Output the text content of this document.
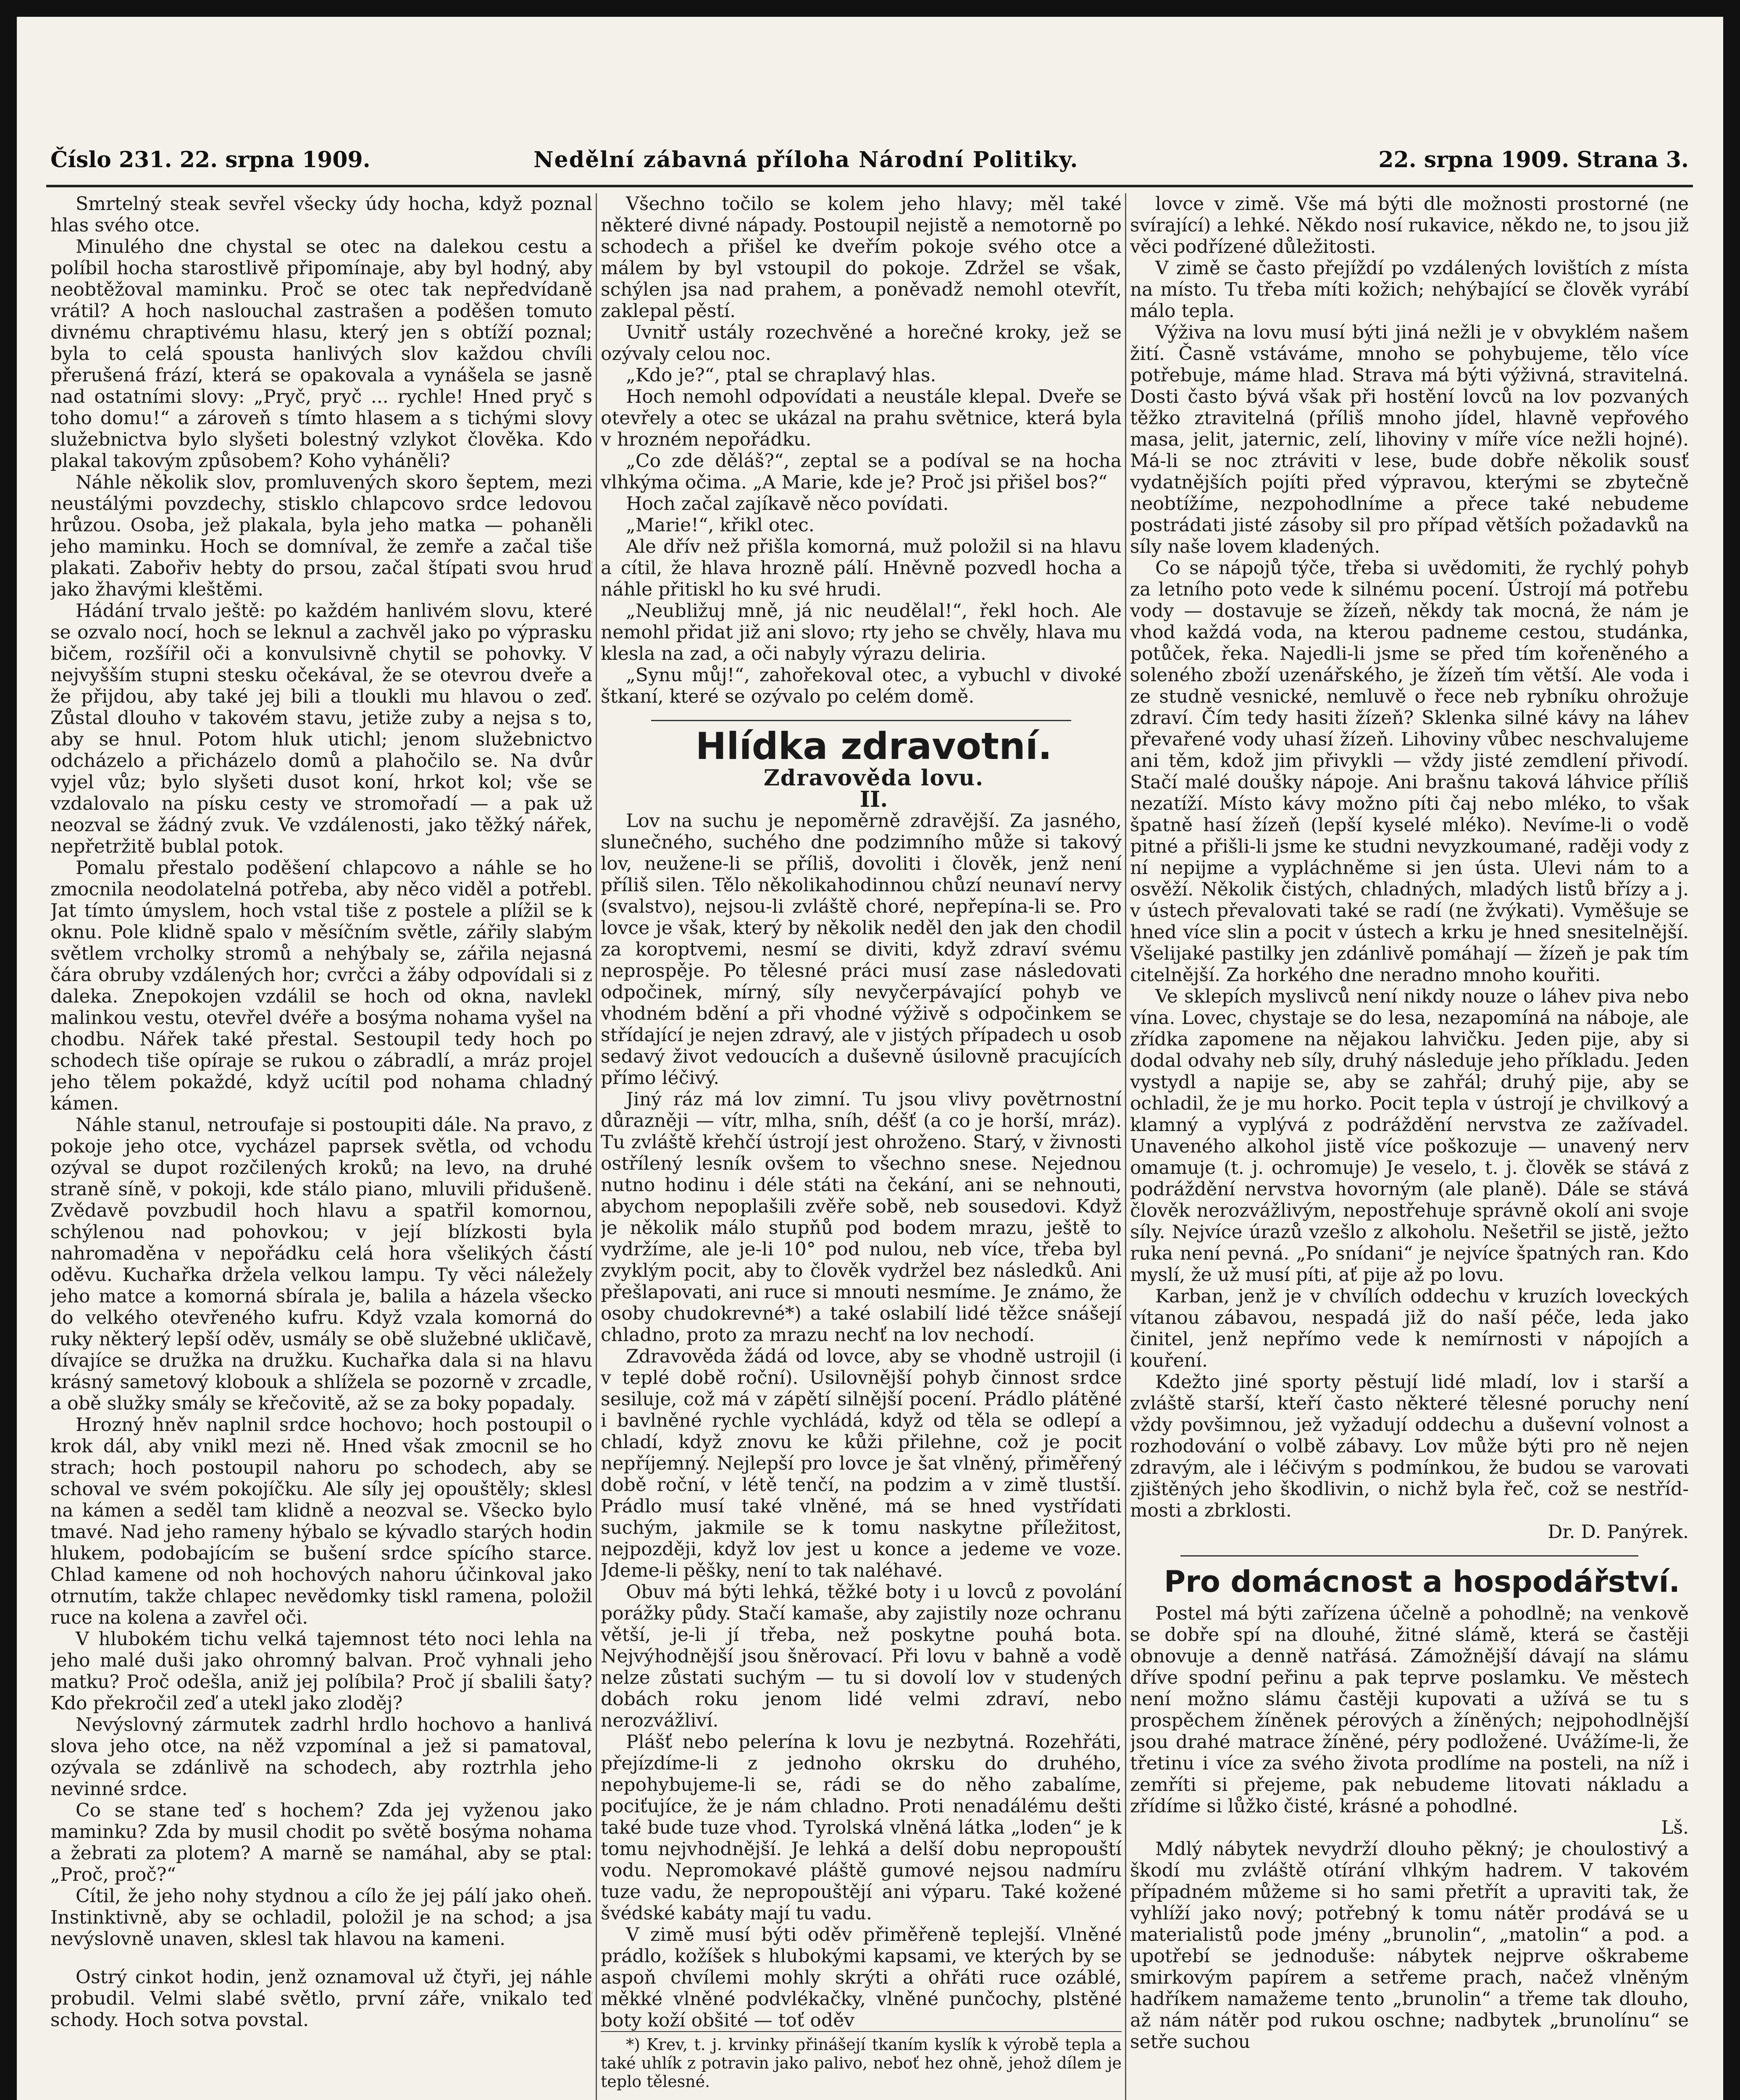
Číslo 231. 22. srpna 1909.	Nedělní zábavná příloha Národní Politiky.	22. srpna 1909. Strana 3.

Smrtelný steak sevřel všecky údy hocha, když poznal hlas svého otce.

Minulého dne chystal se otec na dalekou cestu a políbil hocha starostlivě připomínaje, aby byl hodný, aby neobtěžoval maminku. Proč se otec tak nepředvídaně vrátil? A hoch naslouchal zastrašen a poděšen tomuto divnému chraptivému hlasu, který jen s obtíží poznal; byla to celá spousta hanlivých slov každou chvíli přerušená frází, která se opakovala a vynášela se jasně nad ostatními slovy: „Pryč, pryč ... rychle! Hned pryč s toho domu!“ a zároveň s tímto hlasem a s tichými slovy služebnictva bylo slyšeti bolestný vzlykot člověka. Kdo plakal takovým způsobem? Koho vyháněli?

Náhle několik slov, promluvených skoro šeptem, mezi neustálými povzdechy, stisklo chlapcovo srdce ledovou hrůzou. Osoba, jež plakala, byla jeho matka — pohaněli jeho maminku. Hoch se domníval, že zemře a začal tiše plakati. Zabořiv hebty do prsou, začal štípati svou hruď jako žhavými kleštěmi.

Hádání trvalo ještě: po každém hanlivém slovu, které se ozvalo nocí, hoch se leknul a zachvěl jako po výprasku bičem, rozšířil oči a konvulsivně chytil se pohovky. V nejvyšším stupni stesku očekával, že se otevrou dveře a že přijdou, aby také jej bili a tloukli mu hlavou o zeď. Zůstal dlouho v takovém stavu, jetiže zuby a nejsa s to, aby se hnul. Potom hluk utichl; jenom služebnictvo odcházelo a přicházelo domů a plahočilo se. Na dvůr vyjel vůz; bylo slyšeti dusot koní, hrkot kol; vše se vzdalovalo na písku cesty ve stromořadí — a pak už neozval se žádný zvuk. Ve vzdálenosti, jako těžký nářek, nepřetržitě bublal potok.

Pomalu přestalo poděšení chlapcovo a náhle se ho zmocnila neodolatelná potřeba, aby něco viděl a potřebl. Jat tímto úmyslem, hoch vstal tiše z postele a plížil se k oknu. Pole klidně spalo v měsíčním světle, zářily slabým světlem vrcholky stromů a nehýbaly se, zářila nejasná čára obruby vzdálených hor; cvrčci a žáby odpovídali si z daleka. Znepokojen vzdálil se hoch od okna, navlekl malinkou vestu, otevřel dvéře a bosýma nohama vyšel na chodbu. Nářek také přestal. Sestoupil tedy hoch po schodech tiše opíraje se rukou o zábradlí, a mráz projel jeho tělem pokaždé, když ucítil pod nohama chladný kámen.

Náhle stanul, netroufaje si postoupiti dále. Na pravo, z pokoje jeho otce, vycházel paprsek světla, od vchodu ozýval se dupot rozčilených kroků; na levo, na druhé straně síně, v pokoji, kde stálo piano, mluvili přidušeně. Zvědavě povzbudil hoch hlavu a spatřil komornou, schýlenou nad pohovkou; v její blízkosti byla nahromaděna v nepořádku celá hora všelikých částí oděvu. Kuchařka držela velkou lampu. Ty věci náležely jeho matce a komorná sbírala je, balila a házela všecko do velkého otevřeného kufru. Když vzala komorná do ruky některý lepší oděv, usmály se obě služebné ukličavě, dívajíce se družka na družku. Kuchařka dala si na hlavu krásný sametový klobouk a shlížela se pozorně v zrcadle, a obě služky smály se křečovitě, až se za boky popadaly.

Hrozný hněv naplnil srdce hochovo; hoch postoupil o krok dál, aby vnikl mezi ně. Hned však zmocnil se ho strach; hoch postoupil nahoru po schodech, aby se schoval ve svém pokojíčku. Ale síly jej opouštěly; sklesl na kámen a seděl tam klidně a neozval se. Všecko bylo tmavé. Nad jeho rameny hýbalo se kývadlo starých hodin hlukem, podobajícím se bušení srdce spícího starce. Chlad kamene od noh hochových nahoru účinkoval jako otrnutím, takže chlapec nevědomky tiskl ramena, položil ruce na kolena a zavřel oči.

V hlubokém tichu velká tajemnost této noci lehla na jeho malé duši jako ohromný balvan. Proč vyhnali jeho matku? Proč odešla, aniž jej políbila? Proč jí sbalili šaty? Kdo překročil zeď a utekl jako zloděj?

Nevýslovný zármutek zadrhl hrdlo hochovo a hanlivá slova jeho otce, na něž vzpomínal a jež si pamatoval, ozývala se zdánlivě na schodech, aby roztrhla jeho nevinné srdce.

Co se stane teď s hochem? Zda jej vyženou jako maminku? Zda by musil chodit po světě bosýma nohama a žebrati za plotem? A marně se namáhal, aby se ptal: „Proč, proč?“

Cítil, že jeho nohy stydnou a cílo že jej pálí jako oheň. Instinktivně, aby se ochladil, položil je na schod; a jsa nevýslovně unaven, sklesl tak hlavou na kameni.

Ostrý cinkot hodin, jenž oznamoval už čtyři, jej náhle probudil. Velmi slabé světlo, první záře, vnikalo teď schody. Hoch sotva povstal.

Všechno točilo se kolem jeho hlavy; měl také některé divné nápady. Postoupil nejistě a nemotorně po schodech a přišel ke dveřím pokoje svého otce a málem by byl vstoupil do pokoje. Zdržel se však, schýlen jsa nad prahem, a poněvadž nemohl otevřít, zaklepal pěstí.

Uvnitř ustály rozechvěné a horečné kroky, jež se ozývaly celou noc.

„Kdo je?“, ptal se chraplavý hlas.

Hoch nemohl odpovídati a neustále klepal. Dveře se otevřely a otec se ukázal na prahu světnice, která byla v hrozném nepořádku.

„Co zde děláš?“, zeptal se a podíval se na hocha vlhkýma očima. „A Marie, kde je? Proč jsi přišel bos?“

Hoch začal zajíkavě něco povídati.

„Marie!“, křikl otec.

Ale dřív než přišla komorná, muž položil si na hlavu a cítil, že hlava hrozně pálí. Hněvně pozvedl hocha a náhle přitiskl ho ku své hrudi.

„Neubližuj mně, já nic neudělal!“, řekl hoch. Ale nemohl přidat již ani slovo; rty jeho se chvěly, hlava mu klesla na zad, a oči nabyly výrazu deliria.

„Synu můj!“, zahořekoval otec, a vybuchl v divoké štkaní, které se ozývalo po celém domě.

Hlídka zdravotní.

Zdravověda lovu.

II.

Lov na suchu je nepoměrně zdravější. Za jasného, slunečného, suchého dne podzimního může si takový lov, neužene-li se příliš, dovoliti i člověk, jenž není příliš silen. Tělo několikahodinnou chůzí neunaví nervy (svalstvo), nejsou-li zvláště choré, nepřepína-li se. Pro lovce je však, který by několik neděl den jak den chodil za koroptvemi, nesmí se diviti, když zdraví svému neprospěje. Po tělesné práci musí zase následovati odpočinek, mírný, síly nevyčerpávající pohyb ve vhodném bdění a při vhodné výživě s odpočinkem se střídající je nejen zdravý, ale v jistých případech u osob sedavý život vedoucích a duševně úsilovně pracujících přímo léčivý.

Jiný ráz má lov zimní. Tu jsou vlivy povětrnostní důrazněji — vítr, mlha, sníh, déšť (a co je horší, mráz). Tu zvláště křehčí ústrojí jest ohroženo. Starý, v živnosti ostřílený lesník ovšem to všechno snese. Nejednou nutno hodinu i déle státi na čekání, ani se nehnouti, abychom nepoplašili zvěře sobě, neb sousedovi. Když je několik málo stupňů pod bodem mrazu, ještě to vydržíme, ale je-li 10° pod nulou, neb více, třeba byl zvyklým pocit, aby to člověk vydržel bez následků. Ani přešlapovati, ani ruce si mnouti nesmíme. Je známo, že osoby chudokrevné*) a také oslabilí lidé těžce snášejí chladno, proto za mrazu nechť na lov nechodí.

Zdravověda žádá od lovce, aby se vhodně ustrojil (i v teplé době roční). Usilovnější pohyb činnost srdce sesiluje, což má v zápětí silnější pocení. Prádlo plátěné i bavlněné rychle vychládá, když od těla se odlepí a chladí, když znovu ke kůži přilehne, což je pocit nepříjemný. Nejlepší pro lovce je šat vlněný, přiměřený době roční, v létě tenčí, na podzim a v zimě tlustší. Prádlo musí také vlněné, má se hned vystřídati suchým, jakmile se k tomu naskytne příležitost, nejpozději, když lov jest u konce a jedeme ve voze. Jdeme-li pěšky, není to tak naléhavé.

Obuv má býti lehká, těžké boty i u lovců z povolání porážky půdy. Stačí kamaše, aby zajistily noze ochranu větší, je-li jí třeba, než poskytne pouhá bota. Nejvýhodnější jsou šněrovací. Při lovu v bahně a vodě nelze zůstati suchým — tu si dovolí lov v studených dobách roku jenom lidé velmi zdraví, nebo nerozvážliví.

Plášť nebo pelerína k lovu je nezbytná. Rozehřáti, přejízdíme-li z jednoho okrsku do druhého, nepohybujeme-li se, rádi se do něho zabalíme, pociťujíce, že je nám chladno. Proti nenadálému dešti také bude tuze vhod. Tyrolská vlněná látka „loden“ je k tomu nejvhodnější. Je lehká a delší dobu nepropouští vodu. Nepromokavé pláště gumové nejsou nadmíru tuze vadu, že nepropouštějí ani výparu. Také kožené švédské kabáty mají tu vadu.

V zimě musí býti oděv přiměřeně teplejší. Vlněné prádlo, kožíšek s hlubokými kapsami, ve kterých by se aspoň chvílemi mohly skrýti a ohřáti ruce ozáblé, měkké vlněné podvlékačky, vlněné punčochy, plstěné boty koží obšité — toť oděv

*) Krev, t. j. krvinky přinášejí tkaním kyslík k výrobě tepla a také uhlík z potravin jako palivo, neboť hez ohně, jehož dílem je teplo tělesné.

lovce v zimě. Vše má býti dle možnosti prostorné (ne svírající) a lehké. Někdo nosí rukavice, někdo ne, to jsou již věci podřízené důležitosti.

V zimě se často přejíždí po vzdálených lovištích z místa na místo. Tu třeba míti kožich; nehýbající se člověk vyrábí málo tepla.

Výživa na lovu musí býti jiná nežli je v obvyklém našem žití. Časně vstáváme, mnoho se pohybujeme, tělo více potřebuje, máme hlad. Strava má býti výživná, stravitelná. Dosti často bývá však při hostění lovců na lov pozvaných těžko ztravitelná (příliš mnoho jídel, hlavně vepřového masa, jelit, jaternic, zelí, lihoviny v míře více nežli hojné). Má-li se noc ztráviti v lese, bude dobře několik sousť vydatnějších pojíti před výpravou, kterými se zbytečně neobtížíme, nezpohodlníme a přece také nebudeme postrádati jisté zásoby sil pro případ větších požadavků na síly naše lovem kladených.

Co se nápojů týče, třeba si uvědomiti, že rychlý pohyb za letního poto vede k silnému pocení. Ústrojí má potřebu vody — dostavuje se žízeň, někdy tak mocná, že nám je vhod každá voda, na kterou padneme cestou, studánka, potůček, řeka. Najedli-li jsme se před tím kořeněného a soleného zboží uzenářského, je žízeň tím větší. Ale voda i ze studně vesnické, nemluvě o řece neb rybníku ohrožuje zdraví. Čím tedy hasiti žízeň? Sklenka silné kávy na láhev převařené vody uhasí žízeň. Lihoviny vůbec neschvalujeme ani těm, kdož jim přivykli — vždy jisté zemdlení přivodí. Stačí malé doušky nápoje. Ani brašnu taková láhvice příliš nezatíží. Místo kávy možno píti čaj nebo mléko, to však špatně hasí žízeň (lepší kyselé mléko). Nevíme-li o vodě pitné a přišli-li jsme ke studni nevyzkoumané, raději vody z ní nepijme a vypláchněme si jen ústa. Ulevi nám to a osvěží. Několik čistých, chladných, mladých listů břízy a j. v ústech převalovati také se radí (ne žvýkati). Vyměšuje se hned více slin a pocit v ústech a krku je hned snesitelnější. Všelijaké pastilky jen zdánlivě pomáhají — žízeň je pak tím citelnější. Za horkého dne neradno mnoho kouřiti.

Ve sklepích myslivců není nikdy nouze o láhev piva nebo vína. Lovec, chystaje se do lesa, nezapomíná na náboje, ale zřídka zapomene na nějakou lahvičku. Jeden pije, aby si dodal odvahy neb síly, druhý následuje jeho příkladu. Jeden vystydl a napije se, aby se zahřál; druhý pije, aby se ochladil, že je mu horko. Pocit tepla v ústrojí je chvilkový a klamný a vyplývá z podráždění nervstva ze zažívadel. Unaveného alkohol jistě více poškozuje — unavený nerv omamuje (t. j. ochromuje) Je veselo, t. j. člověk se stává z podráždění nervstva hovorným (ale planě). Dále se stává člověk nerozvážlivým, nepostřehuje správně okolí ani svoje síly. Nejvíce úrazů vzešlo z alkoholu. Nešetřil se jistě, ježto ruka není pevná. „Po snídani“ je nejvíce špatných ran. Kdo myslí, že už musí píti, ať pije až po lovu.

Karban, jenž je v chvílích oddechu v kruzích loveckých vítanou zábavou, nespadá již do naší péče, leda jako činitel, jenž nepřímo vede k nemírnosti v nápojích a kouření.

Kdežto jiné sporty pěstují lidé mladí, lov i starší a zvláště starší, kteří často některé tělesné poruchy není vždy povšimnou, jež vyžadují oddechu a duševní volnost a rozhodování o volbě zábavy. Lov může býti pro ně nejen zdravým, ale i léčivým s podmínkou, že budou se varovati zjištěných jeho škodlivin, o nichž byla řeč, což se nestříd- mosti a zbrklosti.

Dr. D. Panýrek.

Pro domácnost a hospodářství.

Postel má býti zařízena účelně a pohodlně; na venkově se dobře spí na dlouhé, žitné slámě, která se častěji obnovuje a denně natřásá. Zámožnější dávají na slámu dříve spodní peřinu a pak teprve poslamku. Ve městech není možno slámu častěji kupovati a užívá se tu s prospěchem žíněnek pérových a žíněných; nejpohodlnější jsou drahé matrace žíněné, péry podložené. Uvážíme-li, že třetinu i více za svého života prodlíme na posteli, na níž i zemříti si přejeme, pak nebudeme litovati nákladu a zřídíme si lůžko čisté, krásné a pohodlné.

Lš.

Mdlý nábytek nevydrží dlouho pěkný; je choulostivý a škodí mu zvláště otírání vlhkým hadrem. V takovém případném můžeme si ho sami přetřít a upraviti tak, že vyhlíží jako nový; potřebný k tomu nátěr prodává se u materialistů pode jmény „brunolin“, „matolin“ a pod. a upotřebí se jednoduše: nábytek nejprve oškrabeme smirkovým papírem a setřeme prach, načež vlněným hadříkem namažeme tento „brunolin“ a třeme tak dlouho, až nám nátěr pod rukou oschne; nadbytek „brunolínu“ se setře suchou
